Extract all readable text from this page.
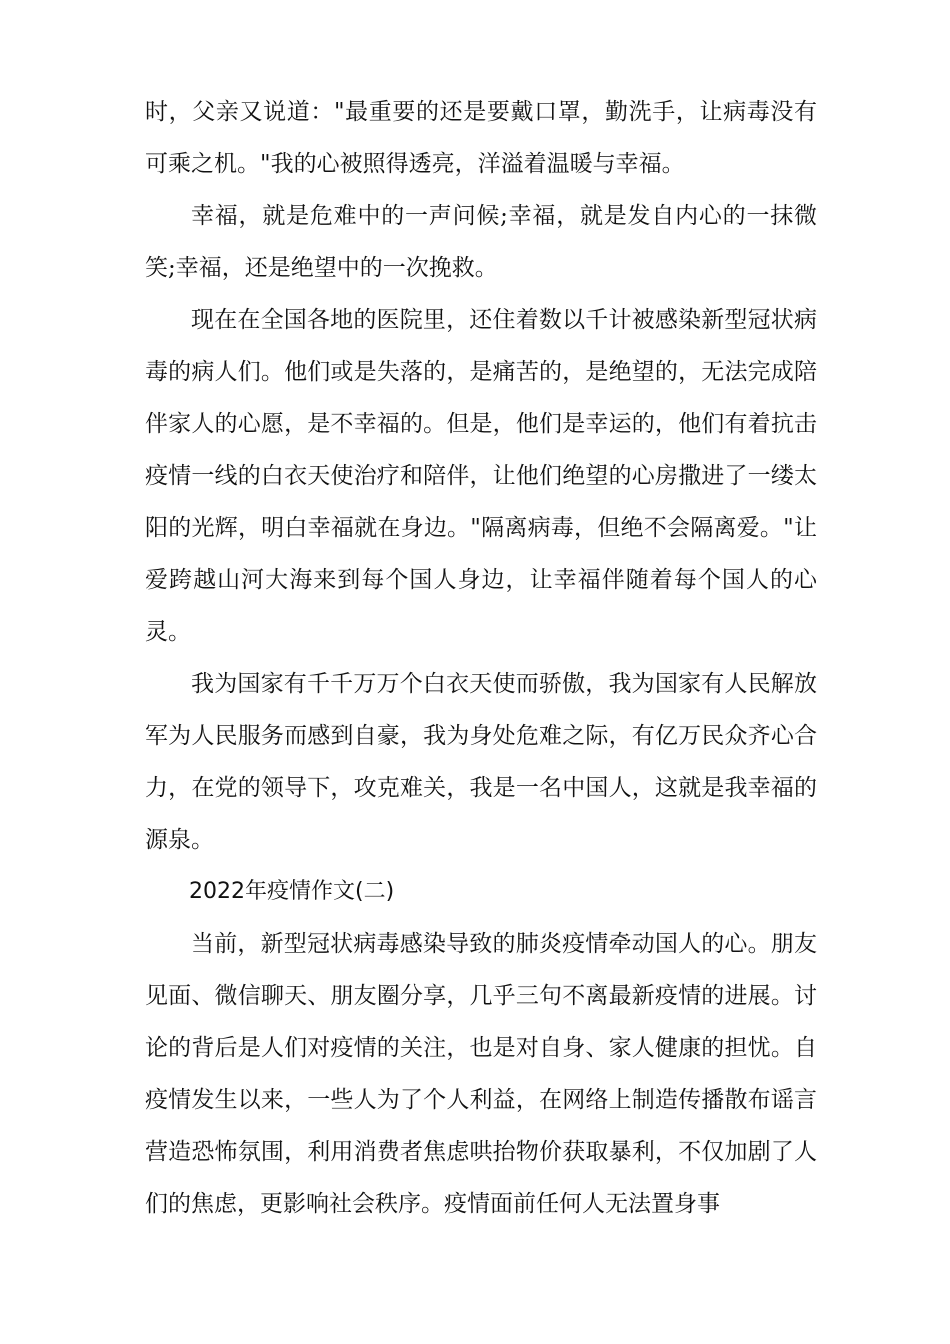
时，父亲又说道："最重要的还是要戴口罩，勤洗手，让病毒没有可乘之机。"我的心被照得透亮，洋溢着温暖与幸福。

幸福，就是危难中的一声问候;幸福，就是发自内心的一抹微笑;幸福，还是绝望中的一次挽救。

现在在全国各地的医院里，还住着数以千计被感染新型冠状病毒的病人们。他们或是失落的，是痛苦的，是绝望的，无法完成陪伴家人的心愿，是不幸福的。但是，他们是幸运的，他们有着抗击疫情一线的白衣天使治疗和陪伴，让他们绝望的心房撒进了一缕太阳的光辉，明白幸福就在身边。"隔离病毒，但绝不会隔离爱。"让爱跨越山河大海来到每个国人身边，让幸福伴随着每个国人的心灵。

我为国家有千千万万个白衣天使而骄傲，我为国家有人民解放军为人民服务而感到自豪，我为身处危难之际，有亿万民众齐心合力，在党的领导下，攻克难关，我是一名中国人，这就是我幸福的源泉。

2022年疫情作文(二)

当前，新型冠状病毒感染导致的肺炎疫情牵动国人的心。朋友见面、微信聊天、朋友圈分享，几乎三句不离最新疫情的进展。讨论的背后是人们对疫情的关注，也是对自身、家人健康的担忧。自疫情发生以来，一些人为了个人利益，在网络上制造传播散布谣言营造恐怖氛围，利用消费者焦虑哄抬物价获取暴利，不仅加剧了人们的焦虑，更影响社会秩序。疫情面前任何人无法置身事
